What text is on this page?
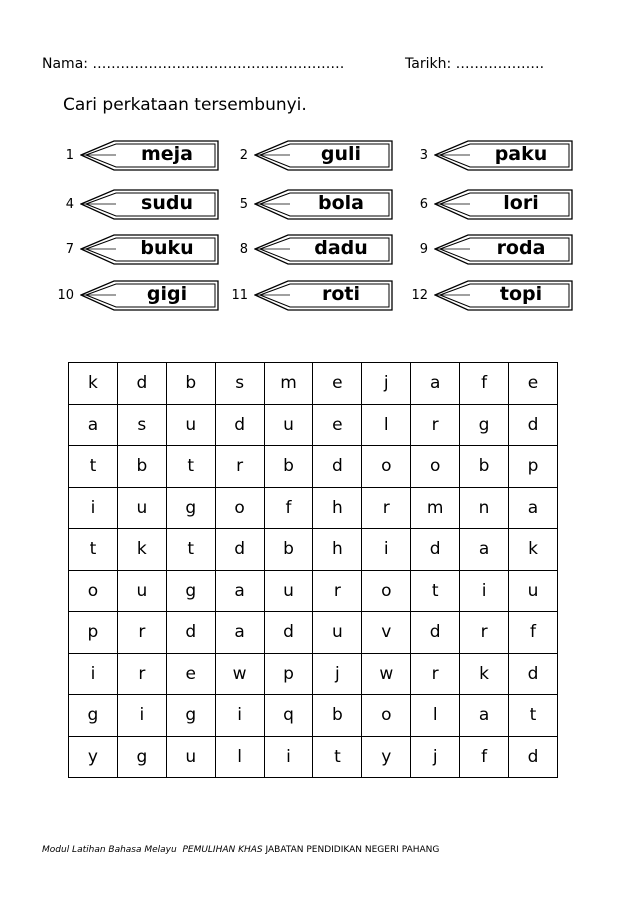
Nama: ………………………………………………	Tarikh: ……………….
Cari perkataan tersembunyi.
1	meja	2	guli	3	paku
4	sudu	5	bola	6	lori
7	buku	8	dadu	9	roda
10	gigi	11	roti	12	topi
k	d	b	s	m	e	j	a	f	e
a	s	u	d	u	e	l	r	g	d
t	b	t	r	b	d	o	o	b	p
i	u	g	o	f	h	r	m	n	a
t	k	t	d	b	h	i	d	a	k
o	u	g	a	u	r	o	t	i	u
p	r	d	a	d	u	v	d	r	f
i	r	e	w	p	j	w	r	k	d
g	i	g	i	q	b	o	l	a	t
y	g	u	l	i	t	y	j	f	d
Modul Latihan Bahasa Melayu PEMULIHAN KHAS JABATAN PENDIDIKAN NEGERI PAHANG
